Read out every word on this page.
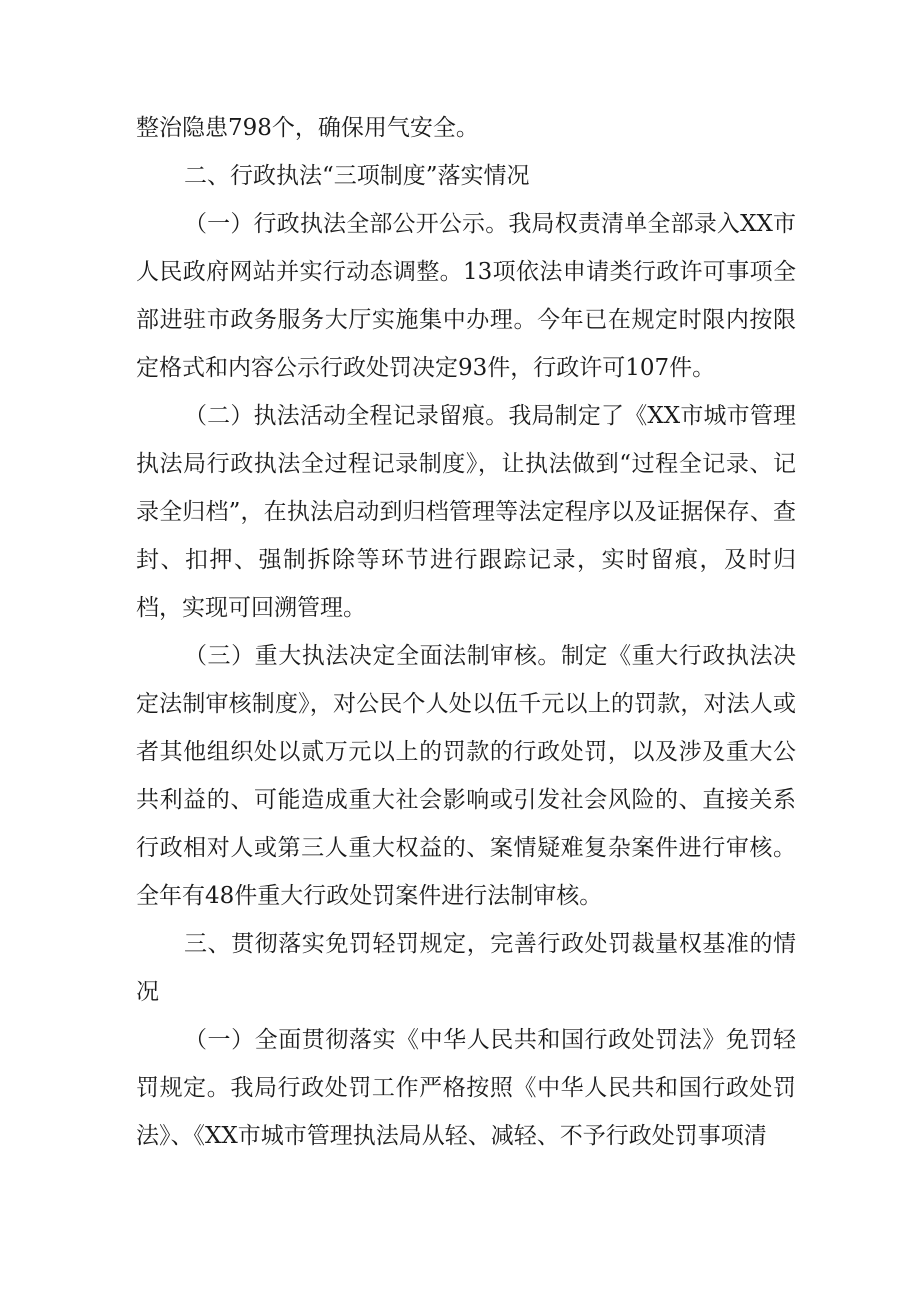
整治隐患798个，确保用气安全。

二、行政执法“三项制度”落实情况

（一）行政执法全部公开公示。我局权责清单全部录入XX市人民政府网站并实行动态调整。13项依法申请类行政许可事项全部进驻市政务服务大厅实施集中办理。今年已在规定时限内按限定格式和内容公示行政处罚决定93件，行政许可107件。

（二）执法活动全程记录留痕。我局制定了《XX市城市管理执法局行政执法全过程记录制度》，让执法做到“过程全记录、记录全归档”，在执法启动到归档管理等法定程序以及证据保存、查封、扣押、强制拆除等环节进行跟踪记录，实时留痕，及时归档，实现可回溯管理。

（三）重大执法决定全面法制审核。制定《重大行政执法决定法制审核制度》，对公民个人处以伍千元以上的罚款，对法人或者其他组织处以贰万元以上的罚款的行政处罚，以及涉及重大公共利益的、可能造成重大社会影响或引发社会风险的、直接关系行政相对人或第三人重大权益的、案情疑难复杂案件进行审核。全年有48件重大行政处罚案件进行法制审核。

三、贯彻落实免罚轻罚规定，完善行政处罚裁量权基准的情况

（一）全面贯彻落实《中华人民共和国行政处罚法》免罚轻罚规定。我局行政处罚工作严格按照《中华人民共和国行政处罚法》、《XX市城市管理执法局从轻、减轻、不予行政处罚事项清
